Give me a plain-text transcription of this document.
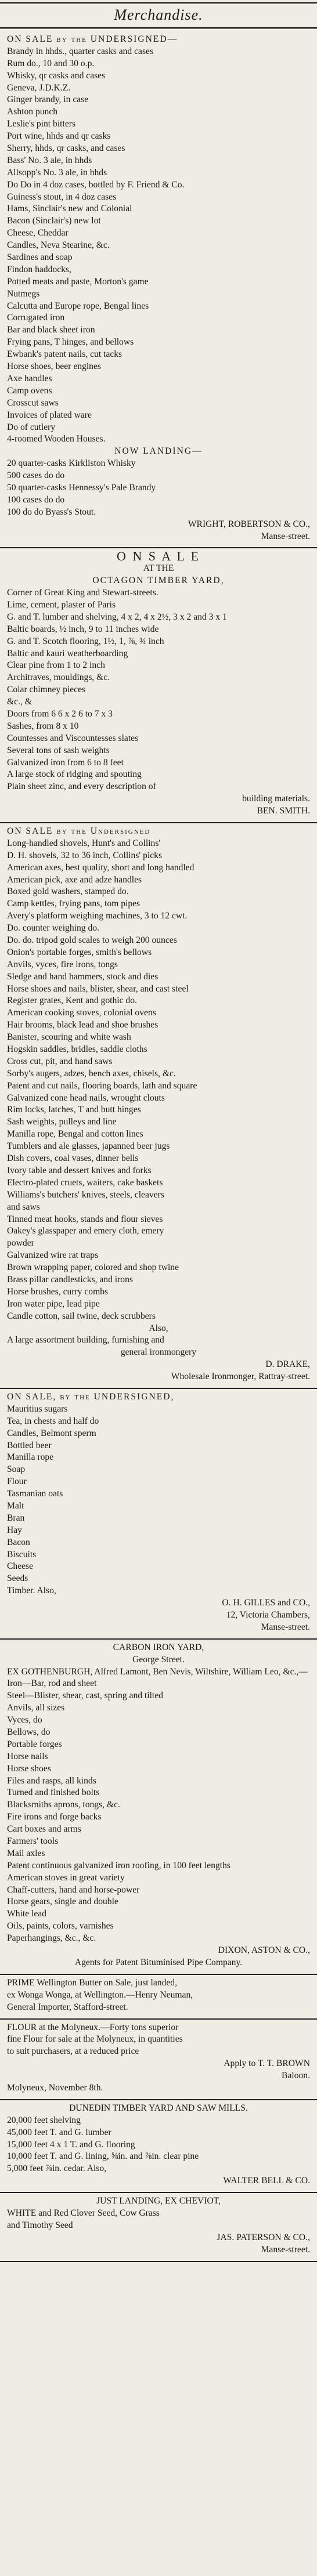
Merchandise.
ON SALE by the UNDERSIGNED—
Brandy in hhds., quarter casks and cases
Rum do., 10 and 30 o.p.
Whisky, qr casks and cases
Geneva, J.D.K.Z.
Ginger brandy, in case
Ashton punch
Leslie's pint bitters
Port wine, hhds and qr casks
Sherry, hhds, qr casks, and cases
Bass' No. 3 ale, in hhds
Allsopp's No. 3 ale, in hhds
Do Do in 4 doz cases, bottled by F. Friend & Co.
Guiness's stout, in 4 doz cases
Hams, Sinclair's new and Colonial
Bacon (Sinclair's) new lot
Cheese, Cheddar
Candles, Neva Stearine, &c.
Sardines and soap
Findon haddocks,
Potted meats and paste, Morton's game
Nutmegs
Calcutta and Europe rope, Bengal lines
Corrugated iron
Bar and black sheet iron
Frying pans, T hinges, and bellows
Ewbank's patent nails, cut tacks
Horse shoes, beer engines
Axe handles
Camp ovens
Crosscut saws
Invoices of plated ware
Do of cutlery
4-roomed Wooden Houses.
NOW LANDING—
20 quarter-casks Kirkliston Whisky
500 cases do do
50 quarter-casks Hennessy's Pale Brandy
100 cases do do
100 do do Byass's Stout.
WRIGHT, ROBERTSON & CO.,
Manse-street.
O N S A L E
AT THE
OCTAGON TIMBER YARD,
Corner of Great King and Stewart-streets.
Lime, cement, plaster of Paris
G. and T. lumber and shelving, 4 x 2, 4 x 2½, 3 x 2 and 3 x 1
Baltic boards, ½ inch, 9 to 11 inches wide
G. and T. Scotch flooring, 1½, 1, ⅞, ¾ inch
Baltic and kauri weatherboarding
Clear pine from 1 to 2 inch
Architraves, mouldings, &c.
Colar chimney pieces
&c., &
Doors from 6 6 x 2 6 to 7 x 3
Sashes, from 8 x 10
Countesses and Viscountesses slates
Several tons of sash weights
Galvanized iron from 6 to 8 feet
A large stock of ridging and spouting
Plain sheet zinc, and every description of
building materials.
BEN. SMITH.
ON SALE by the Undersigned
Long-handled shovels, Hunt's and Collins'
D. H. shovels, 32 to 36 inch, Collins' picks
American axes, best quality, short and long handled
American pick, axe and adze handles
Boxed gold washers, stamped do.
Camp kettles, frying pans, tom pipes
Avery's platform weighing machines, 3 to 12 cwt.
Do. counter weighing do.
Do. do. tripod gold scales to weigh 200 ounces
Onion's portable forges, smith's bellows
Anvils, vyces, fire irons, tongs
Sledge and hand hammers, stock and dies
Horse shoes and nails, blister, shear, and cast steel
Register grates, Kent and gothic do.
American cooking stoves, colonial ovens
Hair brooms, black lead and shoe brushes
Banister, scouring and white wash
Hogskin saddles, bridles, saddle cloths
Cross cut, pit, and hand saws
Sorby's augers, adzes, bench axes, chisels, &c.
Patent and cut nails, flooring boards, lath and square
Galvanized cone head nails, wrought clouts
Rim locks, latches, T and butt hinges
Sash weights, pulleys and line
Manilla rope, Bengal and cotton lines
Tumblers and ale glasses, japanned beer jugs
Dish covers, coal vases, dinner bells
Ivory table and dessert knives and forks
Electro-plated cruets, waiters, cake baskets
Williams's butchers' knives, steels, cleavers
and saws
Tinned meat hooks, stands and flour sieves
Oakey's glasspaper and emery cloth, emery
powder
Galvanized wire rat traps
Brown wrapping paper, colored and shop twine
Brass pillar candlesticks, and irons
Horse brushes, curry combs
Iron water pipe, lead pipe
Candle cotton, sail twine, deck scrubbers
Also,
A large assortment building, furnishing and
general ironmongery
D. DRAKE,
Wholesale Ironmonger, Rattray-street.
ON SALE, by the UNDERSIGNED,
Mauritius sugars
Tea, in chests and half do
Candles, Belmont sperm
Bottled beer
Manilla rope
Soap
Flour
Tasmanian oats
Malt
Bran
Hay
Bacon
Biscuits
Cheese
Seeds
Timber. Also,
O. H. GILLES and CO.,
12, Victoria Chambers,
Manse-street.
CARBON IRON YARD,
George Street.
EX GOTHENBURGH, Alfred Lamont, Ben Nevis, Wiltshire, William Leo, &c.,—
Iron—Bar, rod and sheet
Steel—Blister, shear, cast, spring and tilted
Anvils, all sizes
Vyces, do
Bellows, do
Portable forges
Horse nails
Horse shoes
Files and rasps, all kinds
Turned and finished bolts
Blacksmiths aprons, tongs, &c.
Fire irons and forge backs
Cart boxes and arms
Farmers' tools
Mail axles
Patent continuous galvanized iron roofing, in 100 feet lengths
American stoves in great variety
Chaff-cutters, hand and horse-power
Horse gears, single and double
White lead
Oils, paints, colors, varnishes
Paperhangings, &c., &c.
DIXON, ASTON & CO.,
Agents for Patent Bituminised Pipe Company.
PRIME Wellington Butter on Sale, just landed,
ex Wonga Wonga, at Wellington.—Henry Neuman,
General Importer, Stafford-street.
FLOUR at the Molyneux.—Forty tons superior
fine Flour for sale at the Molyneux, in quantities
to suit purchasers, at a reduced price
Apply to T. T. BROWN
Baloon.
Molyneux, November 8th.
DUNEDIN TIMBER YARD AND SAW MILLS.
20,000 feet shelving
45,000 feet T. and G. lumber
15,000 feet 4 x 1 T. and G. flooring
10,000 feet T. and G. lining, ⅝in. and ⅞in. clear pine
5,000 feet ⅞in. cedar. Also,
WALTER BELL & CO.
JUST LANDING, EX CHEVIOT,
WHITE and Red Clover Seed, Cow Grass
and Timothy Seed
JAS. PATERSON & CO.,
Manse-street.
